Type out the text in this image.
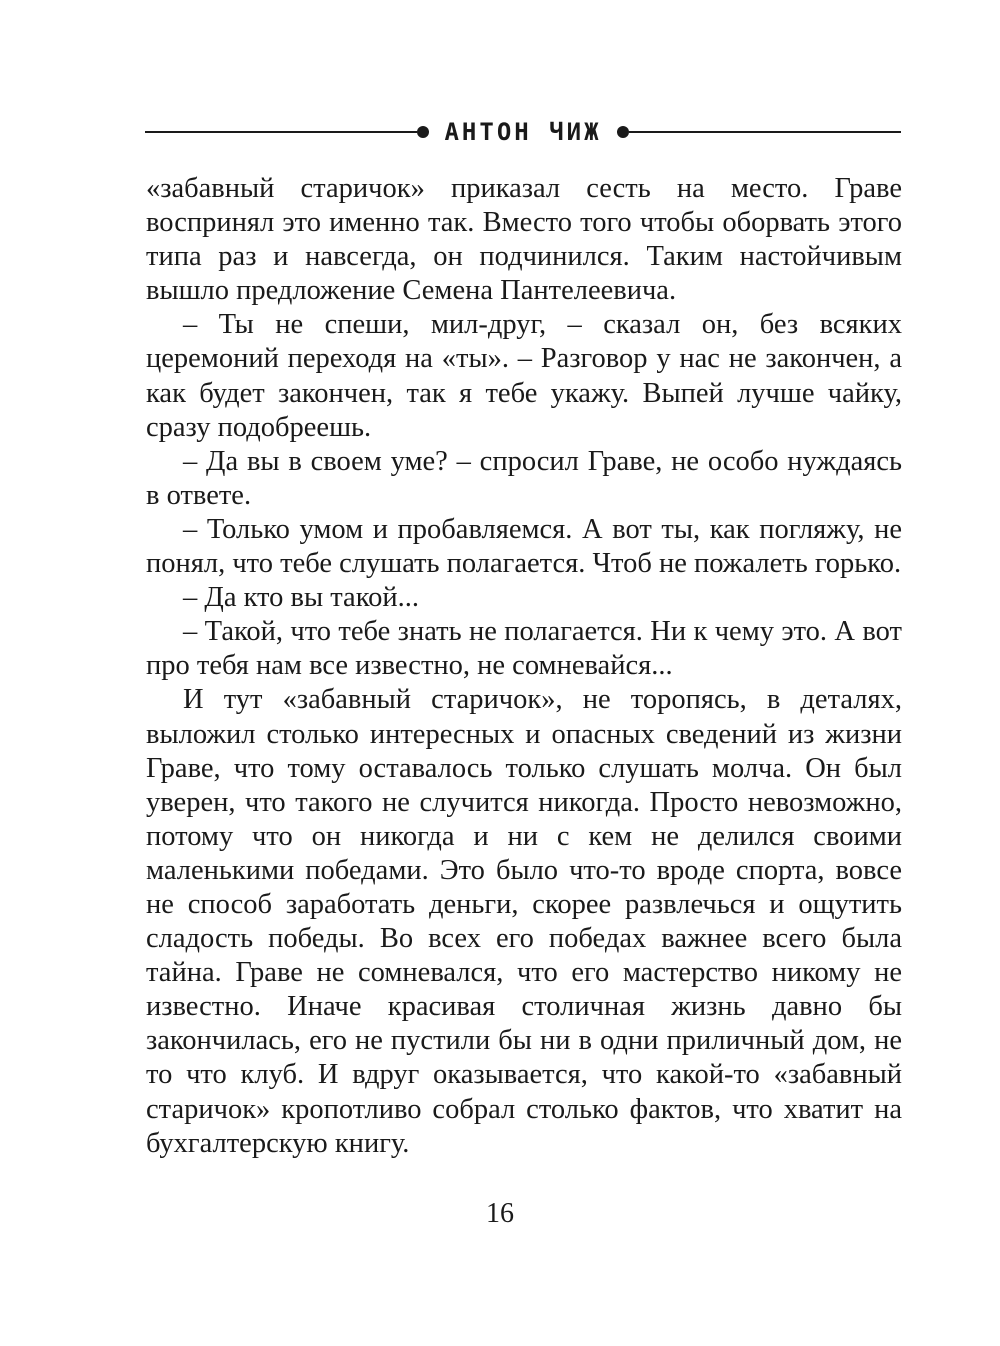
АНТОН ЧИЖ

«забавный старичок» приказал сесть на место. Граве воспринял это именно так. Вместо того чтобы оборвать этого типа раз и навсегда, он подчинился. Таким настойчивым вышло предложение Семена Пантелеевича.

– Ты не спеши, мил-друг, – сказал он, без всяких церемоний переходя на «ты». – Разговор у нас не закончен, а как будет закончен, так я тебе укажу. Выпей лучше чайку, сразу подобреешь.

– Да вы в своем уме? – спросил Граве, не особо нуждаясь в ответе.

– Только умом и пробавляемся. А вот ты, как погляжу, не понял, что тебе слушать полагается. Чтоб не пожалеть горько.

– Да кто вы такой...

– Такой, что тебе знать не полагается. Ни к чему это. А вот про тебя нам все известно, не сомневайся...

И тут «забавный старичок», не торопясь, в деталях, выложил столько интересных и опасных сведений из жизни Граве, что тому оставалось только слушать молча. Он был уверен, что такого не случится никогда. Просто невозможно, потому что он никогда и ни с кем не делился своими маленькими победами. Это было что-то вроде спорта, вовсе не способ заработать деньги, скорее развлечься и ощутить сладость победы. Во всех его победах важнее всего была тайна. Граве не сомневался, что его мастерство никому не известно. Иначе красивая столичная жизнь давно бы закончилась, его не пустили бы ни в одни приличный дом, не то что клуб. И вдруг оказывается, что какой-то «забавный старичок» кропотливо собрал столько фактов, что хватит на бухгалтерскую книгу.

16
